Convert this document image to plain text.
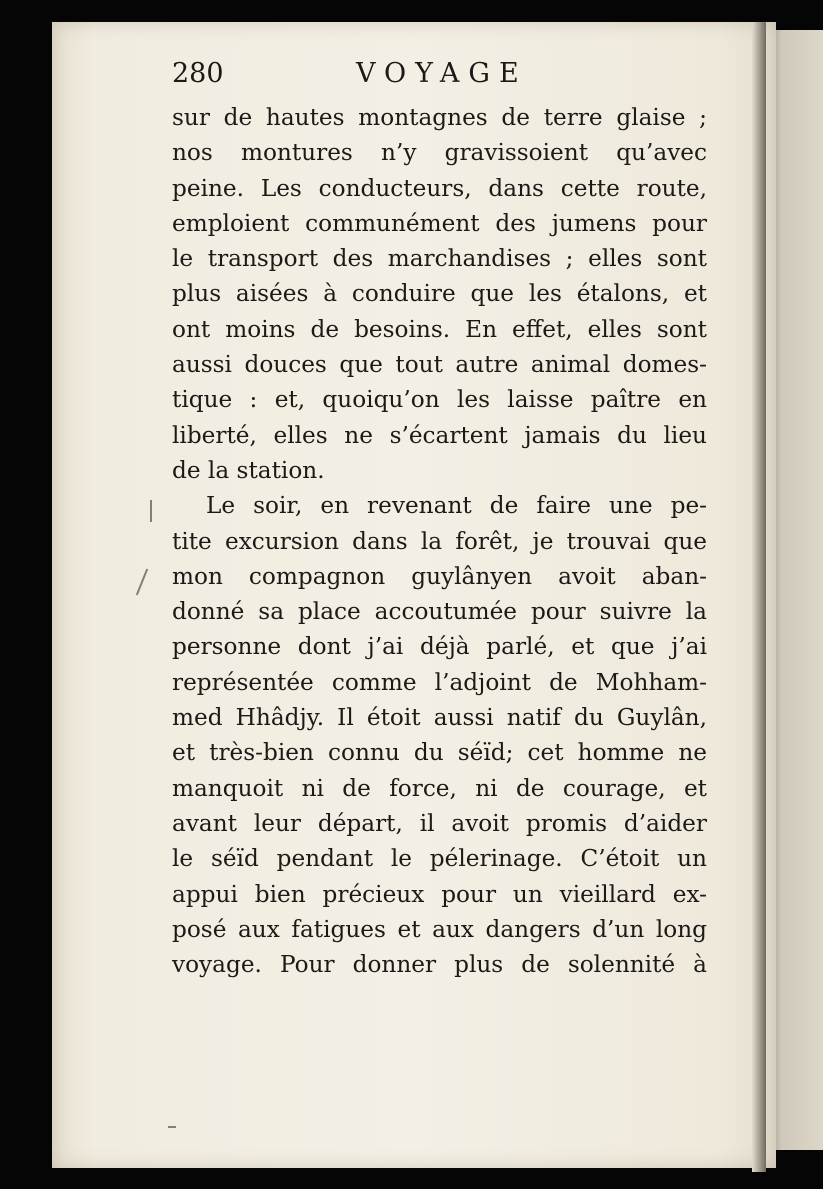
280	VOYAGE
sur de hautes montagnes de terre glaise ;
nos montures n’y gravissoient qu’avec
peine. Les conducteurs, dans cette route,
emploient communément des jumens pour
le transport des marchandises ; elles sont
plus aisées à conduire que les étalons, et
ont moins de besoins. En effet, elles sont
aussi douces que tout autre animal domes-
tique : et, quoiqu’on les laisse paître en
liberté, elles ne s’écartent jamais du lieu
de la station.
Le soir, en revenant de faire une pe-
tite excursion dans la forêt, je trouvai que
mon compagnon guylânyen avoit aban-
donné sa place accoutumée pour suivre la
personne dont j’ai déjà parlé, et que j’ai
représentée comme l’adjoint de Mohham-
med Hhâdjy. Il étoit aussi natif du Guylân,
et très-bien connu du séïd; cet homme ne
manquoit ni de force, ni de courage, et
avant leur départ, il avoit promis d’aider
le séïd pendant le pélerinage. C’étoit un
appui bien précieux pour un vieillard ex-
posé aux fatigues et aux dangers d’un long
voyage. Pour donner plus de solennité à
